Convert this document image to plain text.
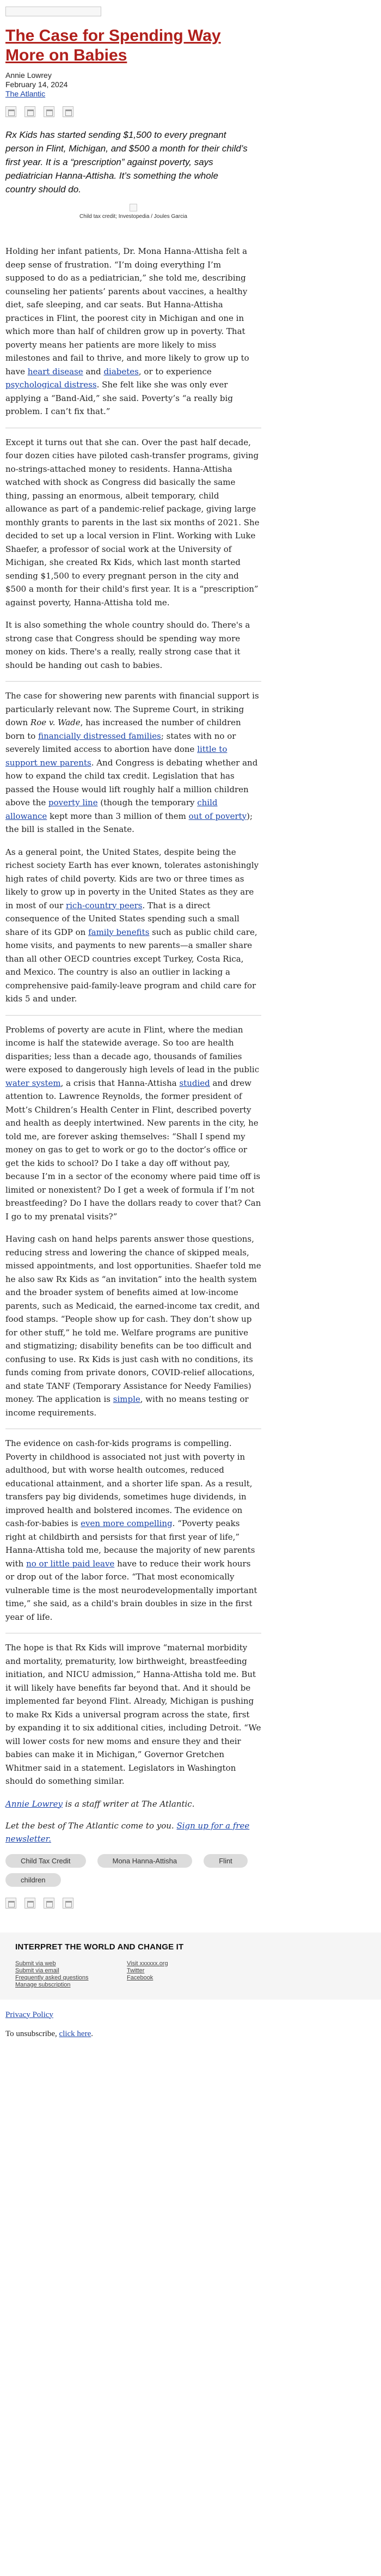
The Case for Spending Way More on Babies
Annie Lowrey
February 14, 2024
The Atlantic

Rx Kids has started sending $1,500 to every pregnant person in Flint, Michigan, and $500 a month for their child’s first year. It is a “prescription” against poverty, says pediatrician Hanna-Attisha. It’s something the whole country should do.
Child tax credit; Investopedia / Joules Garcia

Holding her infant patients, Dr. Mona Hanna-Attisha felt a deep sense of frustration. “I’m doing everything I’m supposed to do as a pediatrician,” she told me, describing counseling her patients’ parents about vaccines, a healthy diet, safe sleeping, and car seats. But Hanna-Attisha practices in Flint, the poorest city in Michigan and one in which more than half of children grow up in poverty. That poverty means her patients are more likely to miss milestones and fail to thrive, and more likely to grow up to have heart disease and diabetes, or to experience psychological distress. She felt like she was only ever applying a “Band-Aid,” she said. Poverty’s “a really big problem. I can’t fix that.”

Except it turns out that she can. Over the past half decade, four dozen cities have piloted cash-transfer programs, giving no-strings-attached money to residents. Hanna-Attisha watched with shock as Congress did basically the same thing, passing an enormous, albeit temporary, child allowance as part of a pandemic-relief package, giving large monthly grants to parents in the last six months of 2021. She decided to set up a local version in Flint. Working with Luke Shaefer, a professor of social work at the University of Michigan, she created Rx Kids, which last month started sending $1,500 to every pregnant person in the city and $500 a month for their child's first year. It is a “prescription” against poverty, Hanna-Attisha told me.

It is also something the whole country should do. There's a strong case that Congress should be spending way more money on kids. There's a really, really strong case that it should be handing out cash to babies.

The case for showering new parents with financial support is particularly relevant now. The Supreme Court, in striking down Roe v. Wade, has increased the number of children born to financially distressed families; states with no or severely limited access to abortion have done little to support new parents. And Congress is debating whether and how to expand the child tax credit. Legislation that has passed the House would lift roughly half a million children above the poverty line (though the temporary child allowance kept more than 3 million of them out of poverty); the bill is stalled in the Senate.

As a general point, the United States, despite being the richest society Earth has ever known, tolerates astonishingly high rates of child poverty. Kids are two or three times as likely to grow up in poverty in the United States as they are in most of our rich-country peers. That is a direct consequence of the United States spending such a small share of its GDP on family benefits such as public child care, home visits, and payments to new parents—a smaller share than all other OECD countries except Turkey, Costa Rica, and Mexico. The country is also an outlier in lacking a comprehensive paid-family-leave program and child care for kids 5 and under.

Problems of poverty are acute in Flint, where the median income is half the statewide average. So too are health disparities; less than a decade ago, thousands of families were exposed to dangerously high levels of lead in the public water system, a crisis that Hanna-Attisha studied and drew attention to. Lawrence Reynolds, the former president of Mott’s Children’s Health Center in Flint, described poverty and health as deeply intertwined. New parents in the city, he told me, are forever asking themselves: “Shall I spend my money on gas to get to work or go to the doctor’s office or get the kids to school? Do I take a day off without pay, because I’m in a sector of the economy where paid time off is limited or nonexistent? Do I get a week of formula if I’m not breastfeeding? Do I have the dollars ready to cover that? Can I go to my prenatal visits?”

Having cash on hand helps parents answer those questions, reducing stress and lowering the chance of skipped meals, missed appointments, and lost opportunities. Shaefer told me he also saw Rx Kids as “an invitation” into the health system and the broader system of benefits aimed at low-income parents, such as Medicaid, the earned-income tax credit, and food stamps. “People show up for cash. They don’t show up for other stuff,” he told me. Welfare programs are punitive and stigmatizing; disability benefits can be too difficult and confusing to use. Rx Kids is just cash with no conditions, its funds coming from private donors, COVID-relief allocations, and state TANF (Temporary Assistance for Needy Families) money. The application is simple, with no means testing or income requirements.

The evidence on cash-for-kids programs is compelling. Poverty in childhood is associated not just with poverty in adulthood, but with worse health outcomes, reduced educational attainment, and a shorter life span. As a result, transfers pay big dividends, sometimes huge dividends, in improved health and bolstered incomes. The evidence on cash-for-babies is even more compelling. “Poverty peaks right at childbirth and persists for that first year of life,” Hanna-Attisha told me, because the majority of new parents with no or little paid leave have to reduce their work hours or drop out of the labor force. “That most economically vulnerable time is the most neurodevelopmentally important time,” she said, as a child's brain doubles in size in the first year of life.

The hope is that Rx Kids will improve “maternal morbidity and mortality, prematurity, low birthweight, breastfeeding initiation, and NICU admission,” Hanna-Attisha told me. But it will likely have benefits far beyond that. And it should be implemented far beyond Flint. Already, Michigan is pushing to make Rx Kids a universal program across the state, first by expanding it to six additional cities, including Detroit. “We will lower costs for new moms and ensure they and their babies can make it in Michigan,” Governor Gretchen Whitmer said in a statement. Legislators in Washington should do something similar.

Annie Lowrey is a staff writer at The Atlantic.
Let the best of The Atlantic come to you. Sign up for a free newsletter.
Child Tax Credit	Mona Hanna-Attisha	Flint children

INTERPRET THE WORLD AND CHANGE IT
Submit via web
Submit via email
Frequently asked questions
Manage subscription
Visit xxxxxx.org
Twitter
Facebook
Privacy Policy
To unsubscribe, click here.
